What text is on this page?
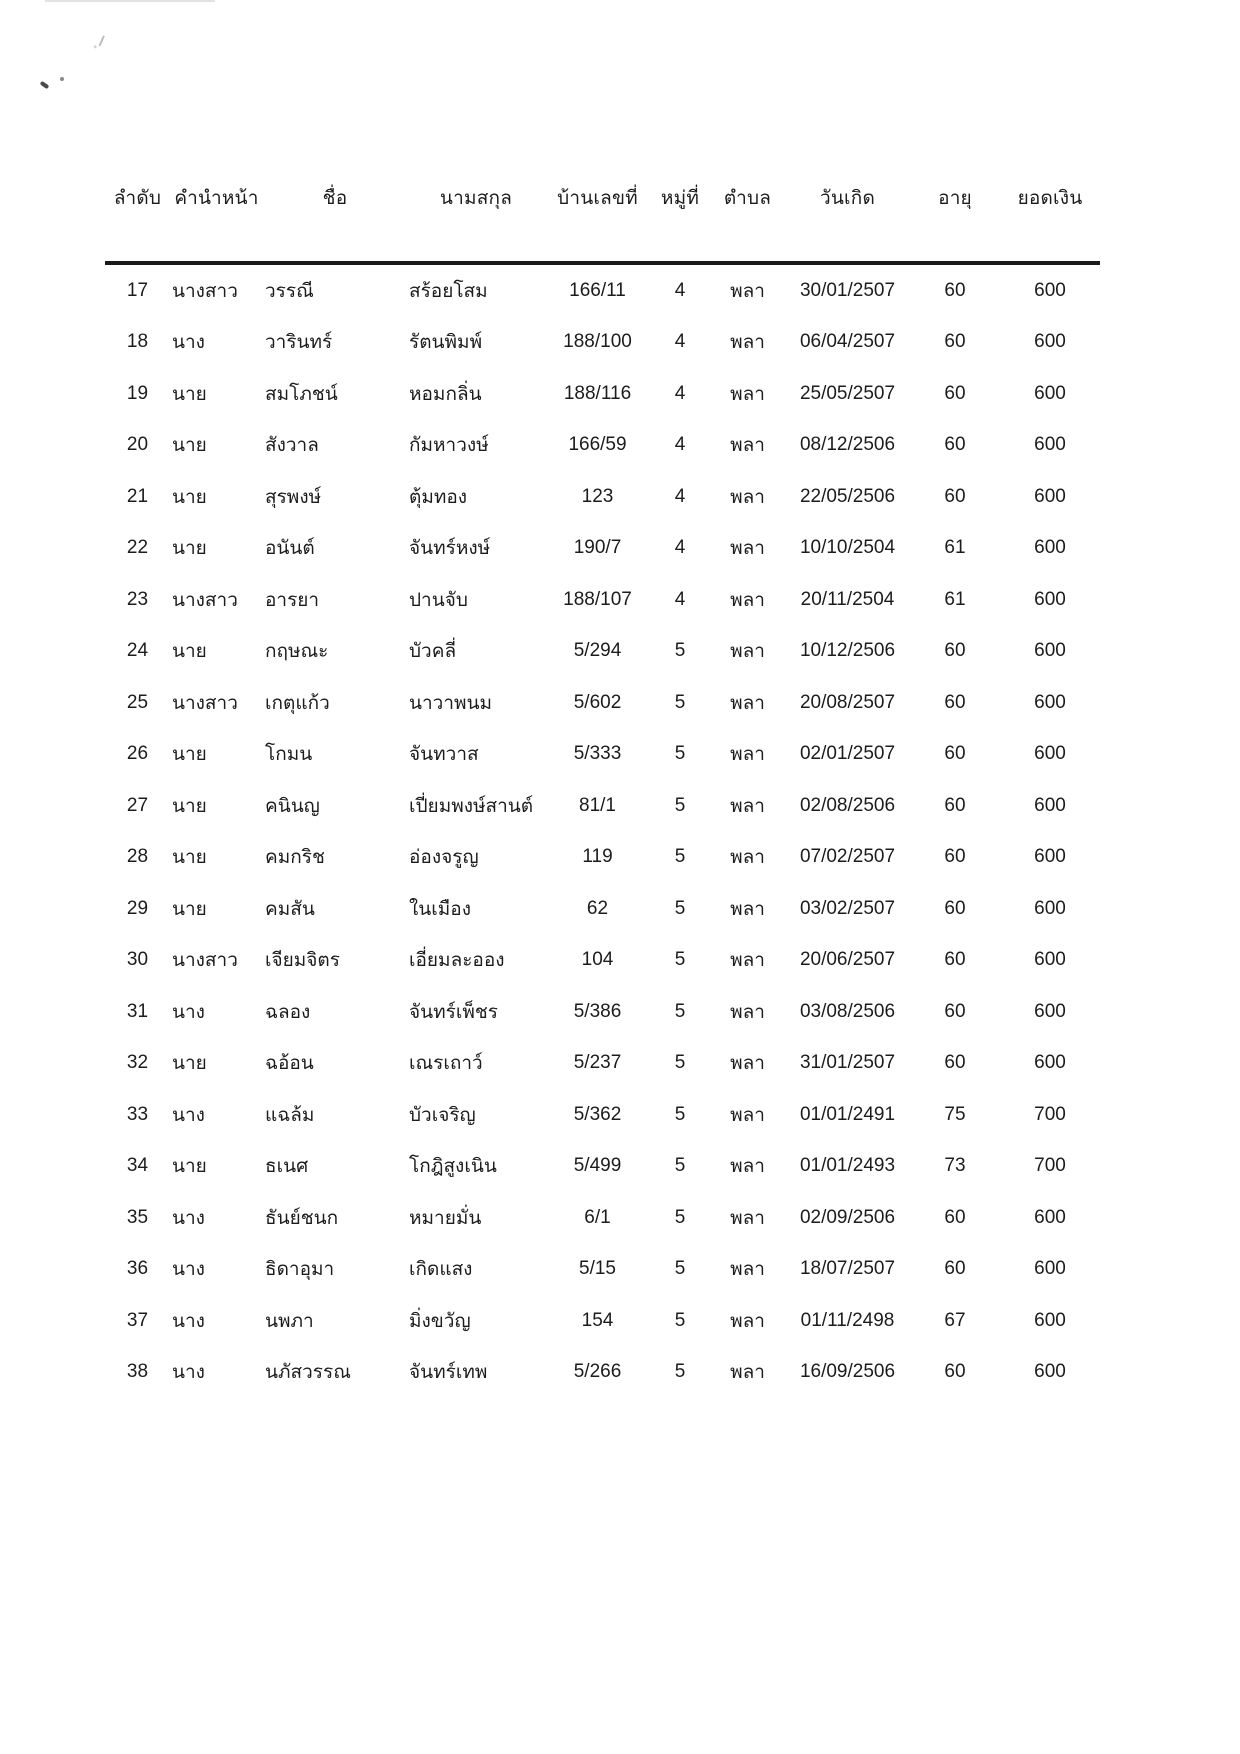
ลำดับ	คำนำหน้า	ชื่อ	นามสกุล	บ้านเลขที่	หมู่ที่	ตำบล	วันเกิด	อายุ	ยอดเงิน
17	นางสาว	วรรณี	สร้อยโสม	166/11	4	พลา	30/01/2507	60	600
18	นาง	วารินทร์	รัตนพิมพ์	188/100	4	พลา	06/04/2507	60	600
19	นาย	สมโภชน์	หอมกลิ่น	188/116	4	พลา	25/05/2507	60	600
20	นาย	สังวาล	กัมหาวงษ์	166/59	4	พลา	08/12/2506	60	600
21	นาย	สุรพงษ์	ตุ้มทอง	123	4	พลา	22/05/2506	60	600
22	นาย	อนันต์	จันทร์หงษ์	190/7	4	พลา	10/10/2504	61	600
23	นางสาว	อารยา	ปานจับ	188/107	4	พลา	20/11/2504	61	600
24	นาย	กฤษณะ	บัวคลี่	5/294	5	พลา	10/12/2506	60	600
25	นางสาว	เกตุแก้ว	นาวาพนม	5/602	5	พลา	20/08/2507	60	600
26	นาย	โกมน	จันทวาส	5/333	5	พลา	02/01/2507	60	600
27	นาย	คนินญ	เปี่ยมพงษ์สานต์	81/1	5	พลา	02/08/2506	60	600
28	นาย	คมกริช	อ่องจรูญ	119	5	พลา	07/02/2507	60	600
29	นาย	คมสัน	ในเมือง	62	5	พลา	03/02/2507	60	600
30	นางสาว	เจียมจิตร	เอี่ยมละออง	104	5	พลา	20/06/2507	60	600
31	นาง	ฉลอง	จันทร์เพ็ชร	5/386	5	พลา	03/08/2506	60	600
32	นาย	ฉอ้อน	เณรเถาว์	5/237	5	พลา	31/01/2507	60	600
33	นาง	แฉล้ม	บัวเจริญ	5/362	5	พลา	01/01/2491	75	700
34	นาย	ธเนศ	โกฎิสูงเนิน	5/499	5	พลา	01/01/2493	73	700
35	นาง	ธันย์ชนก	หมายมั่น	6/1	5	พลา	02/09/2506	60	600
36	นาง	ธิดาอุมา	เกิดแสง	5/15	5	พลา	18/07/2507	60	600
37	นาง	นพภา	มิ่งขวัญ	154	5	พลา	01/11/2498	67	600
38	นาง	นภัสวรรณ	จันทร์เทพ	5/266	5	พลา	16/09/2506	60	600
